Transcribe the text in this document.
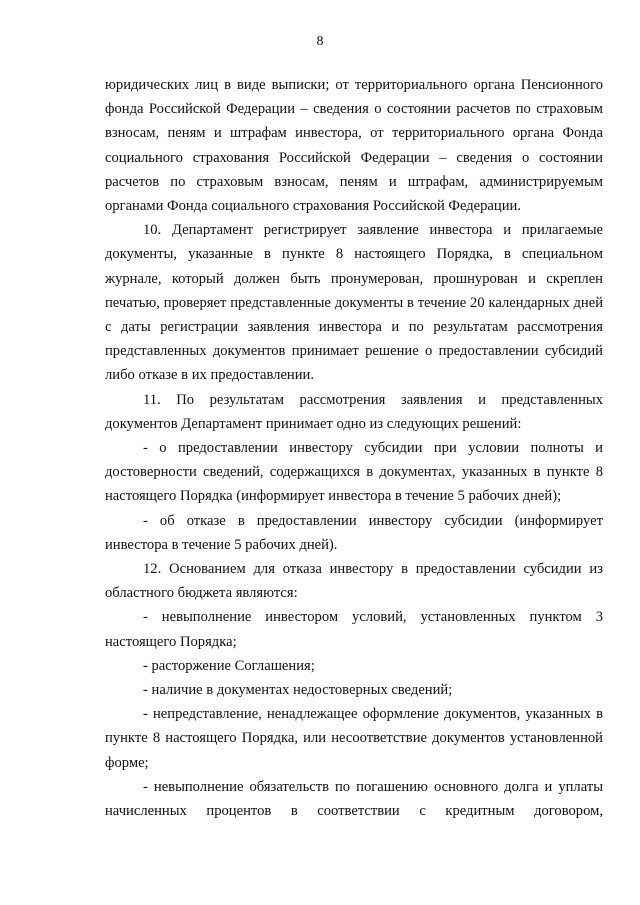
8

юридических лиц в виде выписки; от территориального органа Пенсионного фонда Российской Федерации – сведения о состоянии расчетов по страховым взносам, пеням и штрафам инвестора, от территориального органа Фонда социального страхования Российской Федерации – сведения о состоянии расчетов по страховым взносам, пеням и штрафам, администрируемым органами Фонда социального страхования Российской Федерации.

10. Департамент регистрирует заявление инвестора и прилагаемые документы, указанные в пункте 8 настоящего Порядка, в специальном журнале, который должен быть пронумерован, прошнурован и скреплен печатью, проверяет представленные документы в течение 20 календарных дней с даты регистрации заявления инвестора и по результатам рассмотрения представленных документов принимает решение о предоставлении субсидий либо отказе в их предоставлении.

11. По результатам рассмотрения заявления и представленных документов Департамент принимает одно из следующих решений:

- о предоставлении инвестору субсидии при условии полноты и достоверности сведений, содержащихся в документах, указанных в пункте 8 настоящего Порядка (информирует инвестора в течение 5 рабочих дней);

- об отказе в предоставлении инвестору субсидии (информирует инвестора в течение 5 рабочих дней).

12. Основанием для отказа инвестору в предоставлении субсидии из областного бюджета являются:

- невыполнение инвестором условий, установленных пунктом 3 настоящего Порядка;

- расторжение Соглашения;

- наличие в документах недостоверных сведений;

- непредставление, ненадлежащее оформление документов, указанных в пункте 8 настоящего Порядка, или несоответствие документов установленной форме;

- невыполнение обязательств по погашению основного долга и уплаты начисленных процентов в соответствии с кредитным договором,
